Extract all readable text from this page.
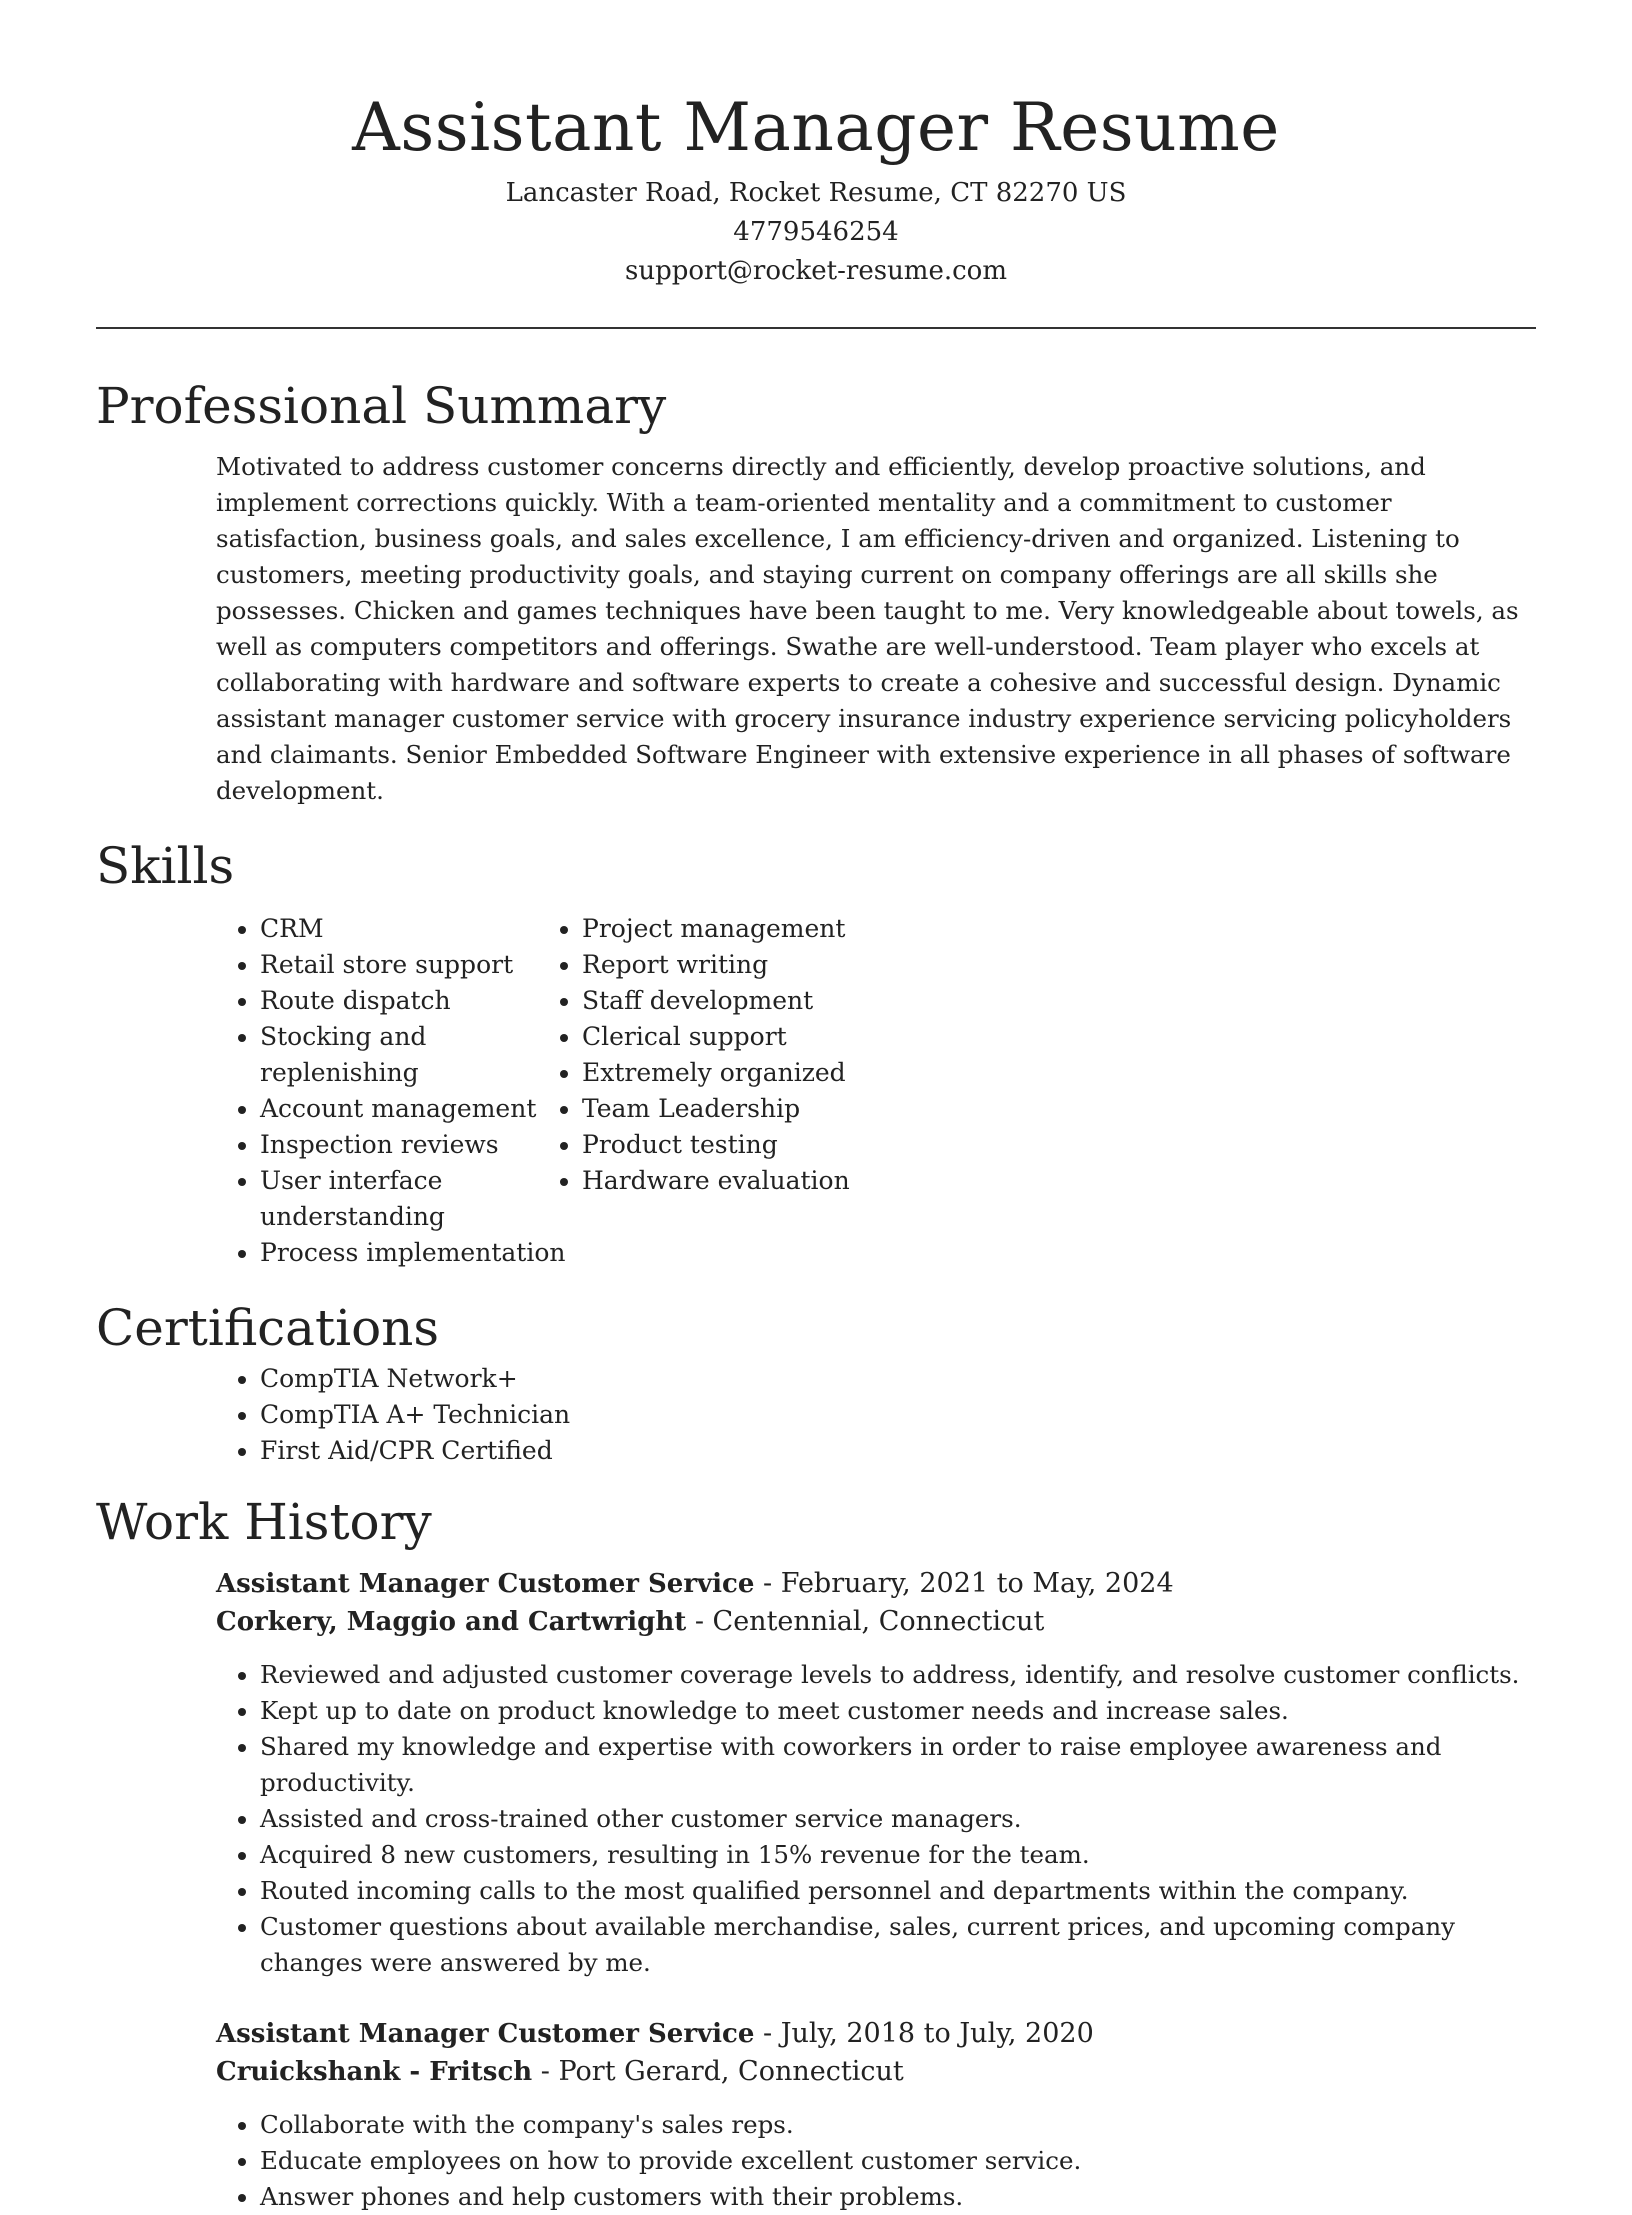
Assistant Manager Resume
Lancaster Road, Rocket Resume, CT 82270 US
4779546254
support@rocket-resume.com
Professional Summary

Motivated to address customer concerns directly and efficiently, develop proactive solutions, and implement corrections quickly. With a team-oriented mentality and a commitment to customer satisfaction, business goals, and sales excellence, I am efficiency-driven and organized. Listening to customers, meeting productivity goals, and staying current on company offerings are all skills she possesses. Chicken and games techniques have been taught to me. Very knowledgeable about towels, as well as computers competitors and offerings. Swathe are well-understood. Team player who excels at collaborating with hardware and software experts to create a cohesive and successful design. Dynamic assistant manager customer service with grocery insurance industry experience servicing policyholders and claimants. Senior Embedded Software Engineer with extensive experience in all phases of software development.

Skills
• CRM
• Retail store support
• Route dispatch
• Stocking and replenishing
• Account management
• Inspection reviews
• User interface understanding
• Process implementation
• Project management
• Report writing
• Staff development
• Clerical support
• Extremely organized
• Team Leadership
• Product testing
• Hardware evaluation
Certifications
• CompTIA Network+
• CompTIA A+ Technician
• First Aid/CPR Certified
Work History
Assistant Manager Customer Service - February, 2021 to May, 2024
Corkery, Maggio and Cartwright - Centennial, Connecticut
• Reviewed and adjusted customer coverage levels to address, identify, and resolve customer conflicts.
• Kept up to date on product knowledge to meet customer needs and increase sales.
• Shared my knowledge and expertise with coworkers in order to raise employee awareness and productivity.
• Assisted and cross-trained other customer service managers.
• Acquired 8 new customers, resulting in 15% revenue for the team.
• Routed incoming calls to the most qualified personnel and departments within the company.
• Customer questions about available merchandise, sales, current prices, and upcoming company changes were answered by me.
Assistant Manager Customer Service - July, 2018 to July, 2020
Cruickshank - Fritsch - Port Gerard, Connecticut
• Collaborate with the company's sales reps.
• Educate employees on how to provide excellent customer service.
• Answer phones and help customers with their problems.
